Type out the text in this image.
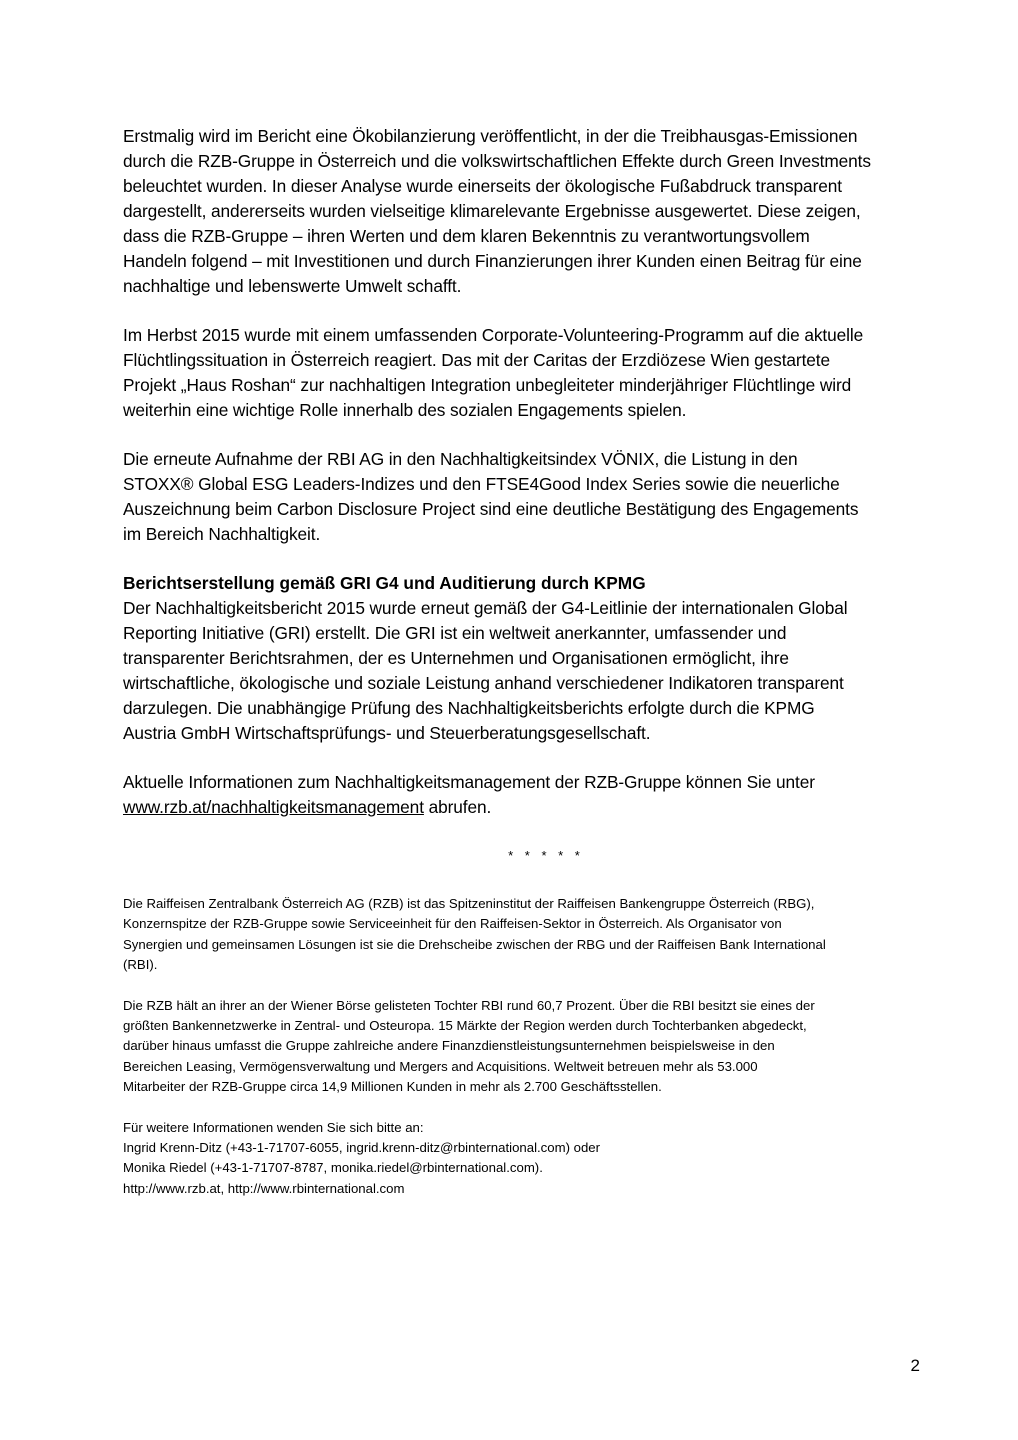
Erstmalig wird im Bericht eine Ökobilanzierung veröffentlicht, in der die Treibhausgas-Emissionen
durch die RZB-Gruppe in Österreich und die volkswirtschaftlichen Effekte durch Green Investments
beleuchtet wurden. In dieser Analyse wurde einerseits der ökologische Fußabdruck transparent
dargestellt, andererseits wurden vielseitige klimarelevante Ergebnisse ausgewertet. Diese zeigen,
dass die RZB-Gruppe – ihren Werten und dem klaren Bekenntnis zu verantwortungsvollem
Handeln folgend – mit Investitionen und durch Finanzierungen ihrer Kunden einen Beitrag für eine
nachhaltige und lebenswerte Umwelt schafft.

Im Herbst 2015 wurde mit einem umfassenden Corporate-Volunteering-Programm auf die aktuelle
Flüchtlingssituation in Österreich reagiert. Das mit der Caritas der Erzdiözese Wien gestartete
Projekt „Haus Roshan“ zur nachhaltigen Integration unbegleiteter minderjähriger Flüchtlinge wird
weiterhin eine wichtige Rolle innerhalb des sozialen Engagements spielen.

Die erneute Aufnahme der RBI AG in den Nachhaltigkeitsindex VÖNIX, die Listung in den
STOXX® Global ESG Leaders-Indizes und den FTSE4Good Index Series sowie die neuerliche
Auszeichnung beim Carbon Disclosure Project sind eine deutliche Bestätigung des Engagements
im Bereich Nachhaltigkeit.

Berichtserstellung gemäß GRI G4 und Auditierung durch KPMG

Der Nachhaltigkeitsbericht 2015 wurde erneut gemäß der G4-Leitlinie der internationalen Global
Reporting Initiative (GRI) erstellt. Die GRI ist ein weltweit anerkannter, umfassender und
transparenter Berichtsrahmen, der es Unternehmen und Organisationen ermöglicht, ihre
wirtschaftliche, ökologische und soziale Leistung anhand verschiedener Indikatoren transparent
darzulegen. Die unabhängige Prüfung des Nachhaltigkeitsberichts erfolgte durch die KPMG
Austria GmbH Wirtschaftsprüfungs- und Steuerberatungsgesellschaft.

Aktuelle Informationen zum Nachhaltigkeitsmanagement der RZB-Gruppe können Sie unter
www.rzb.at/nachhaltigkeitsmanagement abrufen.

* * * * *

Die Raiffeisen Zentralbank Österreich AG (RZB) ist das Spitzeninstitut der Raiffeisen Bankengruppe Österreich (RBG),
Konzernspitze der RZB-Gruppe sowie Serviceeinheit für den Raiffeisen-Sektor in Österreich. Als Organisator von
Synergien und gemeinsamen Lösungen ist sie die Drehscheibe zwischen der RBG und der Raiffeisen Bank International
(RBI).

Die RZB hält an ihrer an der Wiener Börse gelisteten Tochter RBI rund 60,7 Prozent. Über die RBI besitzt sie eines der
größten Bankennetzwerke in Zentral- und Osteuropa. 15 Märkte der Region werden durch Tochterbanken abgedeckt,
darüber hinaus umfasst die Gruppe zahlreiche andere Finanzdienstleistungsunternehmen beispielsweise in den
Bereichen Leasing, Vermögensverwaltung und Mergers and Acquisitions. Weltweit betreuen mehr als 53.000
Mitarbeiter der RZB-Gruppe circa 14,9 Millionen Kunden in mehr als 2.700 Geschäftsstellen.

Für weitere Informationen wenden Sie sich bitte an:
Ingrid Krenn-Ditz (+43-1-71707-6055, ingrid.krenn-ditz@rbinternational.com) oder
Monika Riedel (+43-1-71707-8787, monika.riedel@rbinternational.com).
http://www.rzb.at, http://www.rbinternational.com

2
